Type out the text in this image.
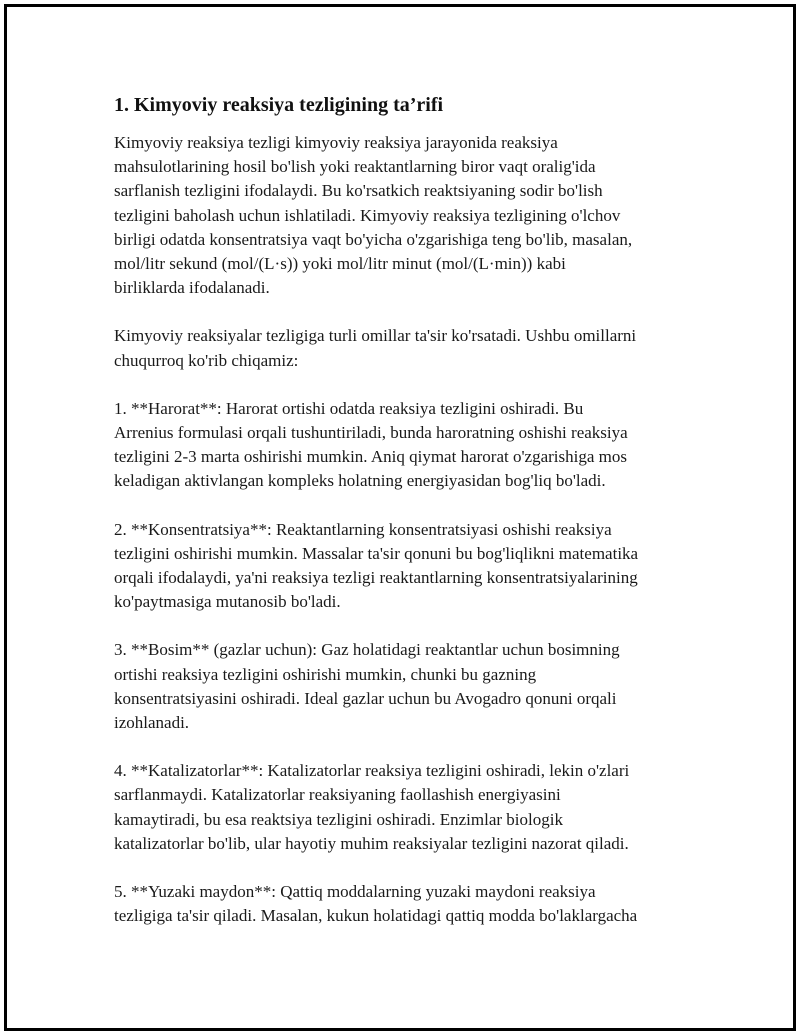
1. Kimyoviy reaksiya tezligining ta’rifi

Kimyoviy reaksiya tezligi kimyoviy reaksiya jarayonida reaksiya
mahsulotlarining hosil bo'lish yoki reaktantlarning biror vaqt oralig'ida
sarflanish tezligini ifodalaydi. Bu ko'rsatkich reaktsiyaning sodir bo'lish
tezligini baholash uchun ishlatiladi. Kimyoviy reaksiya tezligining o'lchov
birligi odatda konsentratsiya vaqt bo'yicha o'zgarishiga teng bo'lib, masalan,
mol/litr sekund (mol/(L·s)) yoki mol/litr minut (mol/(L·min)) kabi
birliklarda ifodalanadi.

Kimyoviy reaksiyalar tezligiga turli omillar ta'sir ko'rsatadi. Ushbu omillarni
chuqurroq ko'rib chiqamiz:

1. **Harorat**: Harorat ortishi odatda reaksiya tezligini oshiradi. Bu
Arrenius formulasi orqali tushuntiriladi, bunda haroratning oshishi reaksiya
tezligini 2-3 marta oshirishi mumkin. Aniq qiymat harorat o'zgarishiga mos
keladigan aktivlangan kompleks holatning energiyasidan bog'liq bo'ladi.

2. **Konsentratsiya**: Reaktantlarning konsentratsiyasi oshishi reaksiya
tezligini oshirishi mumkin. Massalar ta'sir qonuni bu bog'liqlikni matematika
orqali ifodalaydi, ya'ni reaksiya tezligi reaktantlarning konsentratsiyalarining
ko'paytmasiga mutanosib bo'ladi.

3. **Bosim** (gazlar uchun): Gaz holatidagi reaktantlar uchun bosimning
ortishi reaksiya tezligini oshirishi mumkin, chunki bu gazning
konsentratsiyasini oshiradi. Ideal gazlar uchun bu Avogadro qonuni orqali
izohlanadi.

4. **Katalizatorlar**: Katalizatorlar reaksiya tezligini oshiradi, lekin o'zlari
sarflanmaydi. Katalizatorlar reaksiyaning faollashish energiyasini
kamaytiradi, bu esa reaktsiya tezligini oshiradi. Enzimlar biologik
katalizatorlar bo'lib, ular hayotiy muhim reaksiyalar tezligini nazorat qiladi.

5. **Yuzaki maydon**: Qattiq moddalarning yuzaki maydoni reaksiya
tezligiga ta'sir qiladi. Masalan, kukun holatidagi qattiq modda bo'laklargacha
